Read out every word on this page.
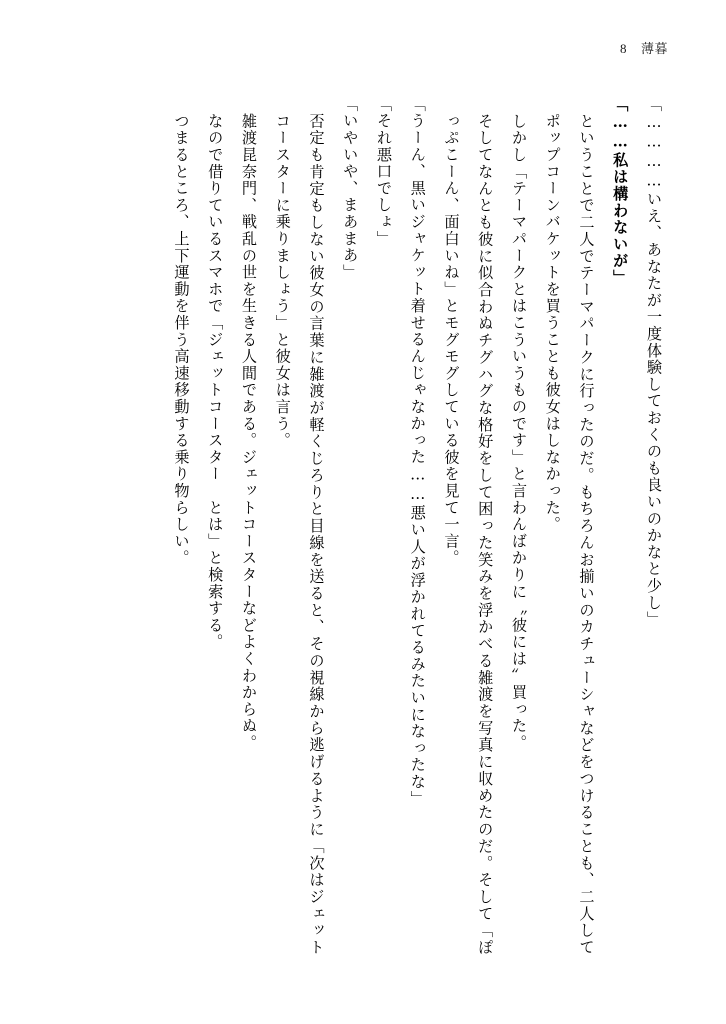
8 薄暮

「…………いえ、あなたが一度体験しておくのも良いのかなと少し」

「……私は構わないが」

ということで二人でテーマパークに行ったのだ。もちろんお揃いのカチューシャなどをつけることも、二人してポップコーンバケットを買うことも彼女はしなかった。

しかし「テーマパークとはこういうものです」と言わんばかりに〝彼には〟買った。

そしてなんとも彼に似合わぬチグハグな格好をして困った笑みを浮かべる雑渡を写真に収めたのだ。そして「ぽっぷこーん、面白いね」とモグモグしている彼を見て一言。

「うーん、黒いジャケット着せるんじゃなかった……悪い人が浮かれてるみたいになったな」

「それ悪口でしょ」

「いやいや、まあまあ」

否定も肯定もしない彼女の言葉に雑渡が軽くじろりと目線を送ると、その視線から逃げるように「次はジェットコースターに乗りましょう」と彼女は言う。

雑渡昆奈門、戦乱の世を生きる人間である。ジェットコースターなどよくわからぬ。

なので借りているスマホで「ジェットコースター　とは」と検索する。

つまるところ、上下運動を伴う高速移動する乗り物らしい。
